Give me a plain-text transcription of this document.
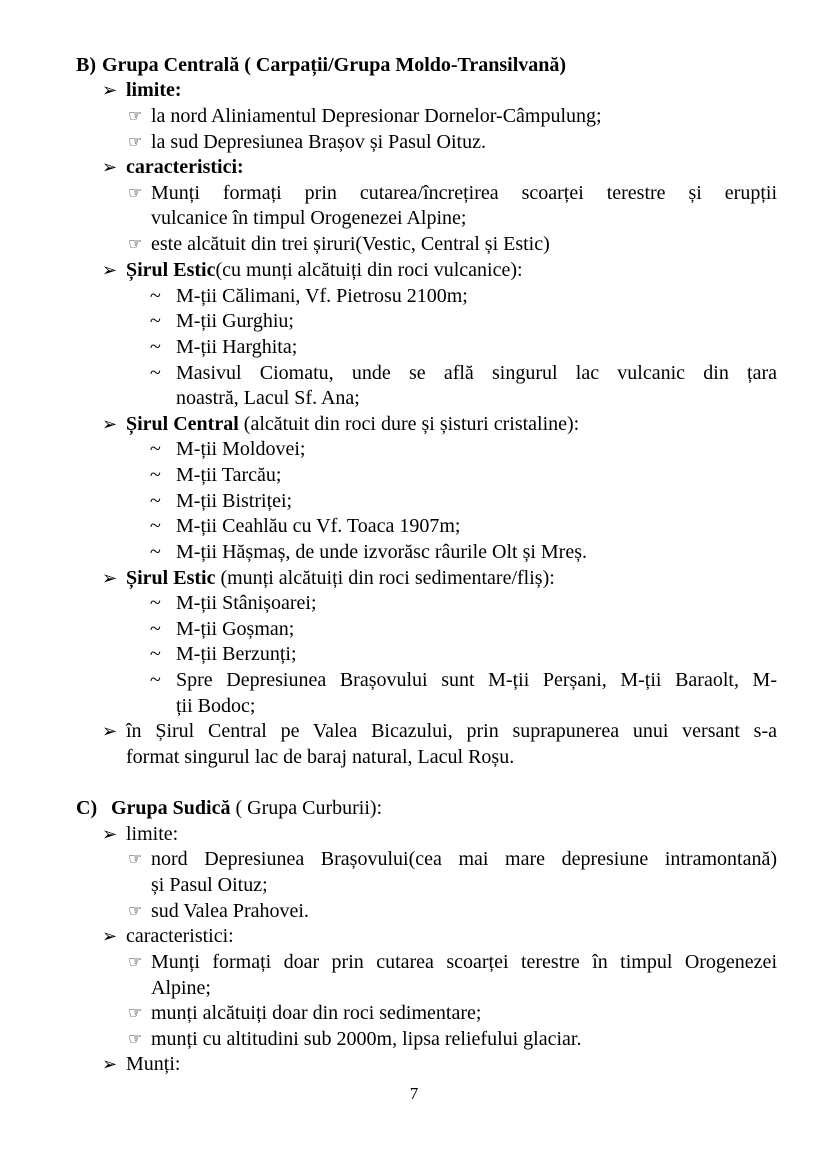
B) Grupa Centrală ( Carpații/Grupa Moldo-Transilvană)
➢ limite:
☞ la nord Aliniamentul Depresionar Dornelor-Câmpulung;
☞ la sud Depresiunea Brașov și Pasul Oituz.
➢ caracteristici:
☞ Munți formați prin cutarea/încrețirea scoarței terestre și erupții
vulcanice în timpul Orogenezei Alpine;
☞ este alcătuit din trei șiruri(Vestic, Central și Estic)
➢ Șirul Estic(cu munți alcătuiți din roci vulcanice):
~ M-ții Călimani, Vf. Pietrosu 2100m;
~ M-ții Gurghiu;
~ M-ții Harghita;
~ Masivul Ciomatu, unde se află singurul lac vulcanic din țara
noastră, Lacul Sf. Ana;
➢ Șirul Central (alcătuit din roci dure și șisturi cristaline):
~ M-ții Moldovei;
~ M-ții Tarcău;
~ M-ții Bistriței;
~ M-ții Ceahlău cu Vf. Toaca 1907m;
~ M-ții Hășmaș, de unde izvorăsc râurile Olt și Mreș.
➢ Șirul Estic (munți alcătuiți din roci sedimentare/fliș):
~ M-ții Stânișoarei;
~ M-ții Goșman;
~ M-ții Berzunți;
~ Spre Depresiunea Brașovului sunt M-ții Perșani, M-ții Baraolt, M-
ții Bodoc;
➢ în Șirul Central pe Valea Bicazului, prin suprapunerea unui versant s-a
format singurul lac de baraj natural, Lacul Roșu.
C) Grupa Sudică ( Grupa Curburii):
➢ limite:
☞ nord Depresiunea Brașovului(cea mai mare depresiune intramontană)
și Pasul Oituz;
☞ sud Valea Prahovei.
➢ caracteristici:
☞ Munți formați doar prin cutarea scoarței terestre în timpul Orogenezei
Alpine;
☞ munți alcătuiți doar din roci sedimentare;
☞ munți cu altitudini sub 2000m, lipsa reliefului glaciar.
➢ Munți:
7
